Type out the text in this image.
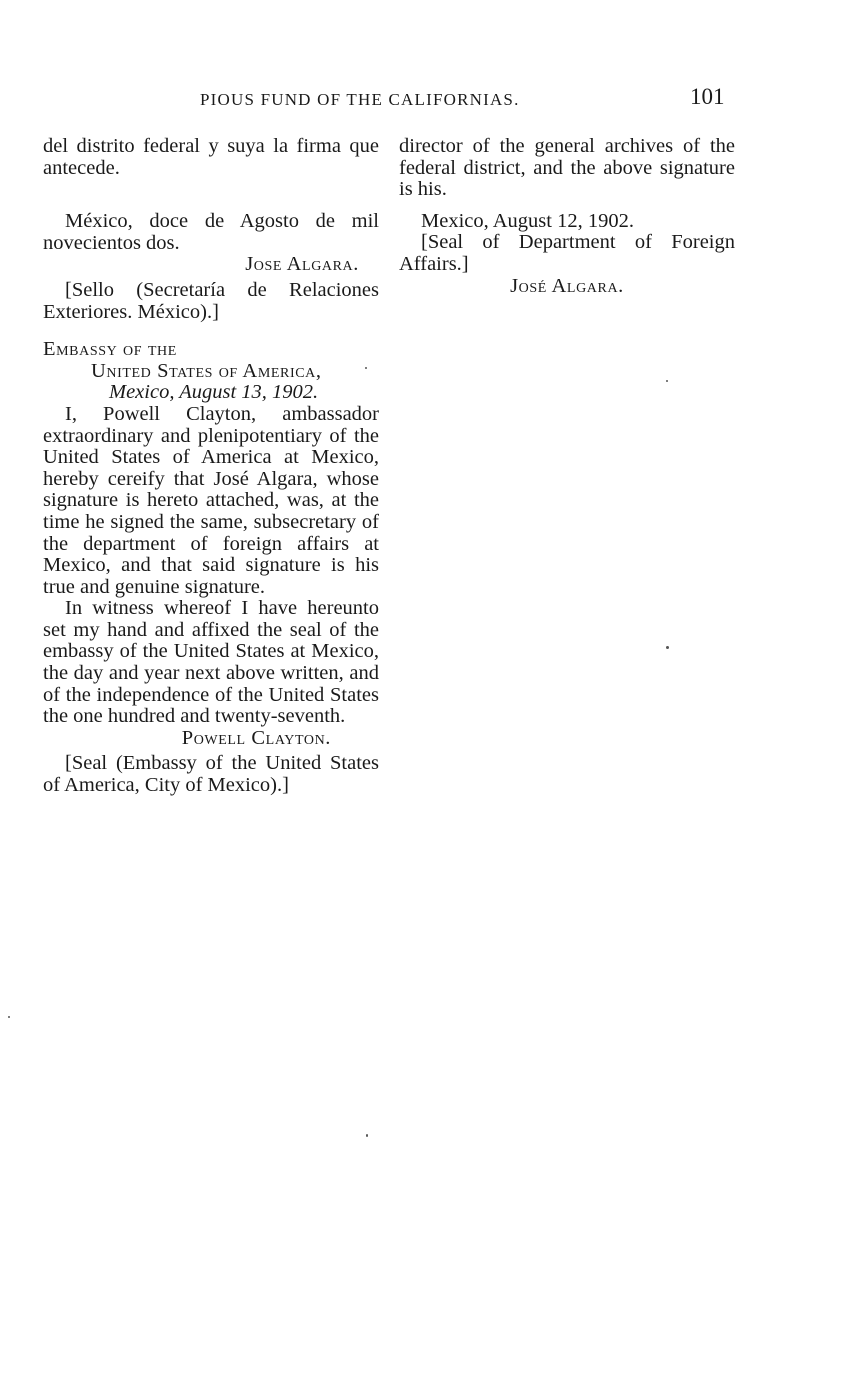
PIOUS FUND OF THE CALIFORNIAS.	101

del distrito federal y suya la firma que antecede.

México, doce de Agosto de mil novecientos dos.

Jose Algara.

[Sello (Secretaría de Relaciones Exteriores. México).]

Embassy of the

United States of America,

Mexico, August 13, 1902.

I, Powell Clayton, ambassador extraordinary and plenipotentiary of the United States of America at Mexico, hereby cereify that José Algara, whose signature is hereto attached, was, at the time he signed the same, subsecretary of the department of foreign affairs at Mexico, and that said signature is his true and genuine signature.

In witness whereof I have hereunto set my hand and affixed the seal of the embassy of the United States at Mexico, the day and year next above written, and of the independence of the United States the one hundred and twenty-seventh.

Powell Clayton.

[Seal (Embassy of the United States of America, City of Mexico).]

director of the general archives of the federal district, and the above signature is his.

Mexico, August 12, 1902.

[Seal of Department of Foreign Affairs.]

José Algara.
